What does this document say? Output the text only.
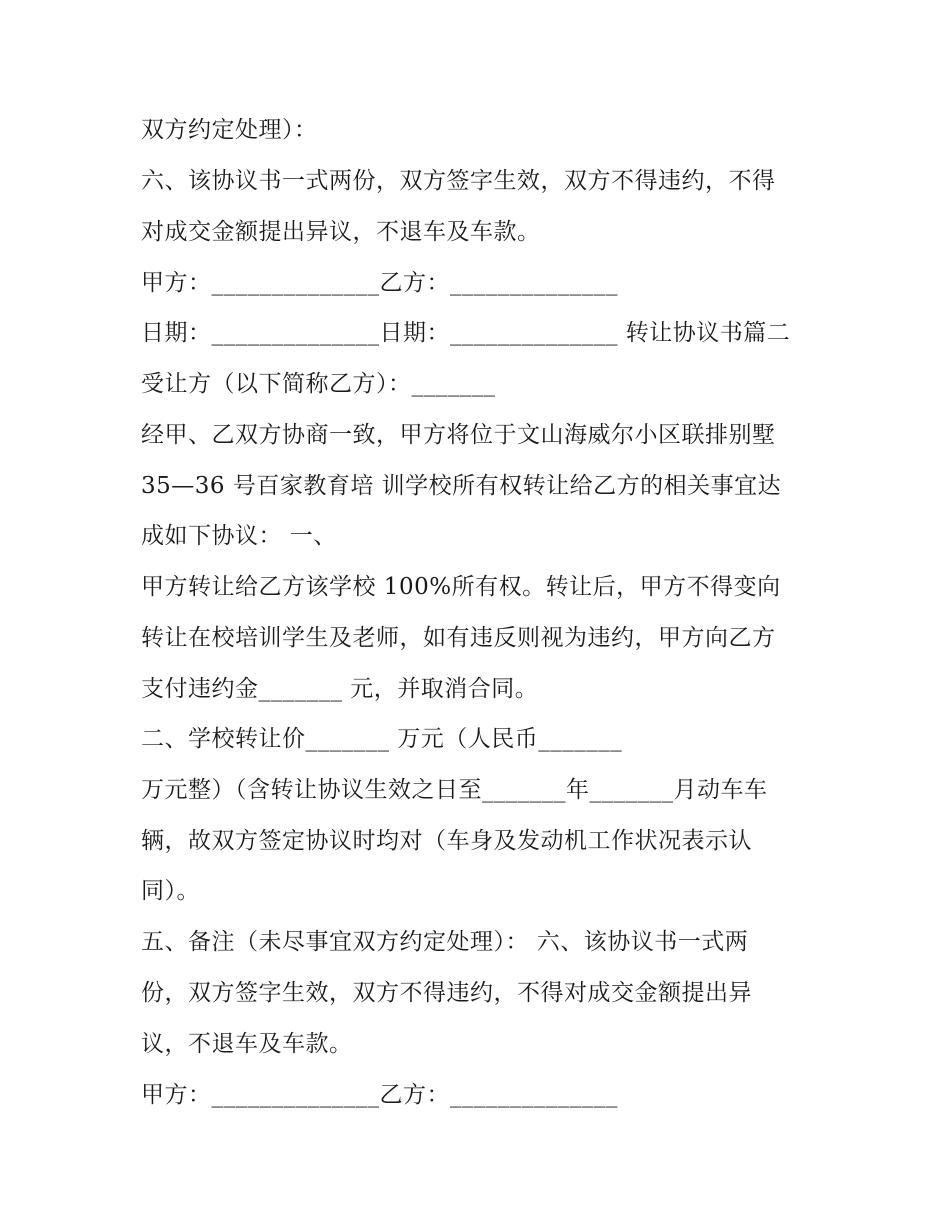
双方约定处理）：
六、该协议书一式两份，双方签字生效，双方不得违约，不得
对成交金额提出异议，不退车及车款。
甲方：______________乙方：______________
日期：______________日期：______________ 转让协议书篇二
受让方（以下简称乙方）：_______
经甲、乙双方协商一致，甲方将位于文山海威尔小区联排别墅
35—36 号百家教育培 训学校所有权转让给乙方的相关事宜达
成如下协议： 一、
甲方转让给乙方该学校 100%所有权。转让后，甲方不得变向
转让在校培训学生及老师，如有违反则视为违约，甲方向乙方
支付违约金_______ 元，并取消合同。
二、学校转让价_______ 万元（人民币_______
万元整）（含转让协议生效之日至_______年_______月动车车
辆，故双方签定协议时均对（车身及发动机工作状况表示认
同）。
五、备注（未尽事宜双方约定处理）： 六、该协议书一式两
份，双方签字生效，双方不得违约，不得对成交金额提出异
议，不退车及车款。
甲方：______________乙方：______________
